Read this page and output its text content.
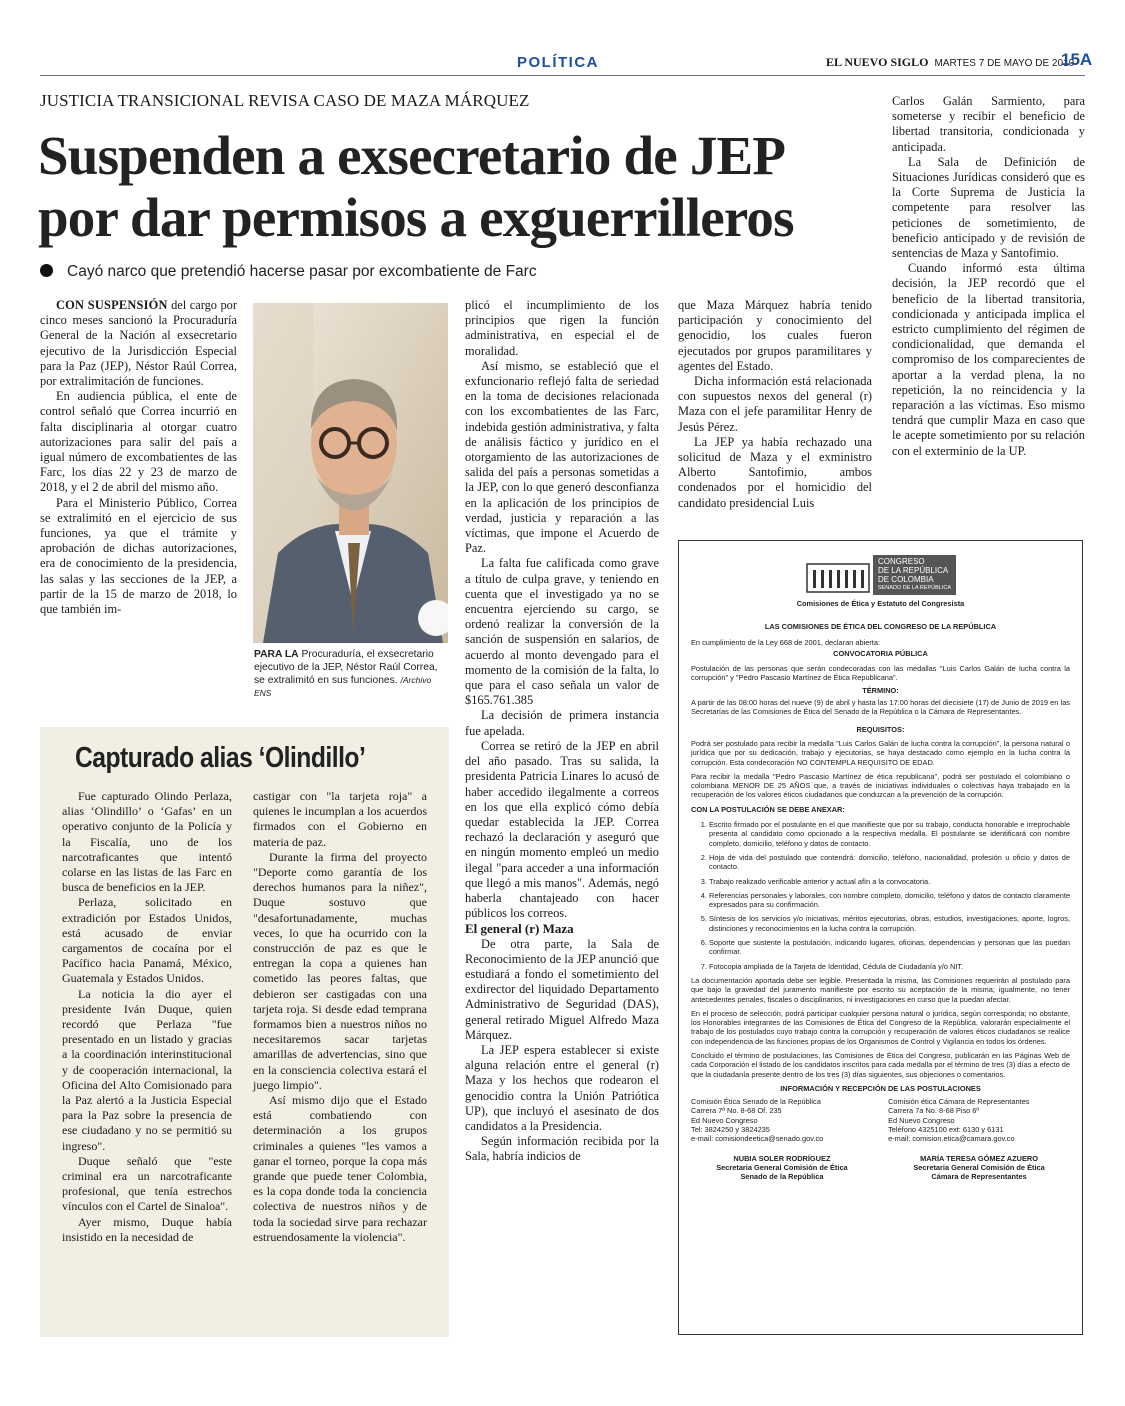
POLÍTICA	EL NUEVO SIGLO MARTES 7 DE MAYO DE 2019
15A
JUSTICIA TRANSICIONAL REVISA CASO DE MAZA MÁRQUEZ
Suspenden a exsecretario de JEP
por dar permisos a exguerrilleros
Cayó narco que pretendió hacerse pasar por excombatiente de Farc

CON SUSPENSIÓN del cargo por cinco meses sancionó la Procuraduría General de la Nación al exsecretario ejecutivo de la Jurisdicción Especial para la Paz (JEP), Néstor Raúl Correa, por extralimitación de funciones.

En audiencia pública, el ente de control señaló que Correa incurrió en falta disciplinaria al otorgar cuatro autorizaciones para salir del país a igual número de excombatientes de las Farc, los días 22 y 23 de marzo de 2018, y el 2 de abril del mismo año.

Para el Ministerio Público, Correa se extralimitó en el ejercicio de sus funciones, ya que el trámite y aprobación de dichas autorizaciones, era de conocimiento de la presidencia, las salas y las secciones de la JEP, a partir de la 15 de marzo de 2018, lo que también im-

PARA LA Procuraduría, el exsecretario ejecutivo de la JEP, Néstor Raúl Correa, se extralimitó en sus funciones. /Archivo ENS

plicó el incumplimiento de los principios que rigen la función administrativa, en especial el de moralidad.

Así mismo, se estableció que el exfuncionario reflejó falta de seriedad en la toma de decisiones relacionada con los excombatientes de las Farc, indebida gestión administrativa, y falta de análisis fáctico y jurídico en el otorgamiento de las autorizaciones de salida del país a personas sometidas a la JEP, con lo que generó desconfianza en la aplicación de los principios de verdad, justicia y reparación a las víctimas, que impone el Acuerdo de Paz.

La falta fue calificada como grave a título de culpa grave, y teniendo en cuenta que el investigado ya no se encuentra ejerciendo su cargo, se ordenó realizar la conversión de la sanción de suspensión en salarios, de acuerdo al monto devengado para el momento de la comisión de la falta, lo que para el caso señala un valor de $165.761.385

La decisión de primera instancia fue apelada.

Correa se retiró de la JEP en abril del año pasado. Tras su salida, la presidenta Patricia Linares lo acusó de haber accedido ilegalmente a correos en los que ella explicó cómo debía quedar establecida la JEP. Correa rechazó la declaración y aseguró que en ningún momento empleó un medio ilegal "para acceder a una información que llegó a mis manos". Además, negó haberla chantajeado con hacer públicos los correos.

El general (r) Maza

De otra parte, la Sala de Reconocimiento de la JEP anunció que estudiará a fondo el sometimiento del exdirector del liquidado Departamento Administrativo de Seguridad (DAS), general retirado Miguel Alfredo Maza Márquez.

La JEP espera establecer si existe alguna relación entre el general (r) Maza y los hechos que rodearon el genocidio contra la Unión Patriótica UP), que incluyó el asesinato de dos candidatos a la Presidencia.

Según información recibida por la Sala, habría indicios de

que Maza Márquez habría tenido participación y conocimiento del genocidio, los cuales fueron ejecutados por grupos paramilitares y agentes del Estado.

Dicha información está relacionada con supuestos nexos del general (r) Maza con el jefe paramilitar Henry de Jesús Pérez.

La JEP ya había rechazado una solicitud de Maza y el exministro Alberto Santofimio, ambos condenados por el homicidio del candidato presidencial Luis

Carlos Galán Sarmiento, para someterse y recibir el beneficio de libertad transitoria, condicionada y anticipada.

La Sala de Definición de Situaciones Jurídicas consideró que es la Corte Suprema de Justicia la competente para resolver las peticiones de sometimiento, de beneficio anticipado y de revisión de sentencias de Maza y Santofimio.

Cuando informó esta última decisión, la JEP recordó que el beneficio de la libertad transitoria, condicionada y anticipada implica el estricto cumplimiento del régimen de condicionalidad, que demanda el compromiso de los comparecientes de aportar a la verdad plena, la no repetición, la no reincidencia y la reparación a las víctimas. Eso mismo tendrá que cumplir Maza en caso que le acepte sometimiento por su relación con el exterminio de la UP.

Capturado alias ‘Olindillo’

Fue capturado Olindo Perlaza, alias ‘Olindillo’ o ‘Gafas’ en un operativo conjunto de la Policía y la Fiscalía, uno de los narcotraficantes que intentó colarse en las listas de las Farc en busca de beneficios en la JEP.

Perlaza, solicitado en extradición por Estados Unidos, está acusado de enviar cargamentos de cocaína por el Pacífico hacia Panamá, México, Guatemala y Estados Unidos.

La noticia la dio ayer el presidente Iván Duque, quien recordó que Perlaza "fue presentado en un listado y gracias a la coordinación interinstitucional y de cooperación internacional, la Oficina del Alto Comisionado para la Paz alertó a la Justicia Especial para la Paz sobre la presencia de ese ciudadano y no se permitió su ingreso".

Duque señaló que "este criminal era un narcotraficante profesional, que tenía estrechos vínculos con el Cartel de Sinaloa".

Ayer mismo, Duque había insistido en la necesidad de

castigar con "la tarjeta roja" a quienes le incumplan a los acuerdos firmados con el Gobierno en materia de paz.

Durante la firma del proyecto "Deporte como garantía de los derechos humanos para la niñez", Duque sostuvo que "desafortunadamente, muchas veces, lo que ha ocurrido con la construcción de paz es que le entregan la copa a quienes han cometido las peores faltas, que debieron ser castigadas con una tarjeta roja. Si desde edad temprana formamos bien a nuestros niños no necesitaremos sacar tarjetas amarillas de advertencias, sino que en la consciencia colectiva estará el juego limpio".

Así mismo dijo que el Estado está combatiendo con determinación a los grupos criminales a quienes "les vamos a ganar el torneo, porque la copa más grande que puede tener Colombia, es la copa donde toda la conciencia colectiva de nuestros niños y de toda la sociedad sirve para rechazar estruendosamente la violencia".

CONGRESO
DE LA REPÚBLICA
DE COLOMBIA
SENADO DE LA REPÚBLICA

Comisiones de Ética y Estatuto del Congresista

LAS COMISIONES DE ÉTICA DEL CONGRESO DE LA REPÚBLICA

En cumplimiento de la Ley 668 de 2001, declaran abierta:

CONVOCATORIA PÚBLICA

Postulación de las personas que serán condecoradas con las medallas "Luis Carlos Galán de lucha contra la corrupción" y "Pedro Pascasio Martínez de Ética Republicana".

TÉRMINO:

A partir de las 08:00 horas del nueve (9) de abril y hasta las 17:00 horas del diecisiete (17) de Junio de 2019 en las Secretarías de las Comisiones de Ética del Senado de la República o la Cámara de Representantes.

REQUISITOS:

Podrá ser postulado para recibir la medalla "Luis Carlos Galán de lucha contra la corrupción", la persona natural o jurídica que por su dedicación, trabajo y ejecutorias, se haya destacado como ejemplo en la lucha contra la corrupción. Esta condecoración NO CONTEMPLA REQUISITO DE EDAD.

Para recibir la medalla "Pedro Pascasio Martínez de ética republicana", podrá ser postulado el colombiano o colombiana MENOR DE 25 AÑOS que, a través de iniciativas individuales o colectivas haya trabajado en la recuperación de los valores éticos ciudadanos que conduzcan a la prevención de la corrupción.

CON LA POSTULACIÓN SE DEBE ANEXAR:

1. Escrito firmado por el postulante en el que manifieste que por su trabajo, conducta honorable e irreprochable presenta al candidato como opcionado a la respectiva medalla. El postulante se identificará con nombre completo, domicilio, teléfono y datos de contacto.
2. Hoja de vida del postulado que contendrá: domicilio, teléfono, nacionalidad, profesión u oficio y datos de contacto.
3. Trabajo realizado verificable anterior y actual afín a la convocatoria.
4. Referencias personales y laborales, con nombre completo, domicilio, teléfono y datos de contacto claramente expresados para su confirmación.
5. Síntesis de los servicios y/o iniciativas, méritos ejecutorias, obras, estudios, investigaciones, aporte, logros, distinciones y reconocimientos en la lucha contra la corrupción.
6. Soporte que sustente la postulación, indicando lugares, oficinas, dependencias y personas que las puedan confirmar.
7. Fotocopia ampliada de la Tarjeta de Identidad, Cédula de Ciudadanía y/o NIT.

La documentación aportada debe ser legible. Presentada la misma, las Comisiones requerirán al postulado para que bajo la gravedad del juramento manifieste por escrito su aceptación de la misma; igualmente, no tener antecedentes penales, fiscales o disciplinarios, ni investigaciones en curso que la puedan afectar.

En el proceso de selección, podrá participar cualquier persona natural o jurídica, según corresponda; no obstante, los Honorables integrantes de las Comisiones de Ética del Congreso de la República, valorarán especialmente el trabajo de los postulados cuyo trabajo contra la corrupción y recuperación de valores éticos ciudadanos se realice con independencia de las funciones propias de los Organismos de Control y Vigilancia en todos los órdenes.

Concluido el término de postulaciones, las Comisiones de Ética del Congreso, publicarán en las Páginas Web de cada Corporación el listado de los candidatos inscritos para cada medalla por el término de tres (3) días a efecto de que la ciudadanía presente dentro de los tres (3) días siguientes, sus objeciones o comentarios.

INFORMACIÓN Y RECEPCIÓN DE LAS POSTULACIONES

Comisión Ética Senado de la República
Carrera 7ª No. 8-68 Of. 235
Ed Nuevo Congreso
Tel: 3824250 y 3824235
e-mail: comisiondeetica@senado.gov.co
Comisión ética Cámara de Representantes
Carrera 7a No. 8-68 Piso 6º
Ed Nuevo Congreso
Teléfono 4325100 ext: 6130 y 6131
e-mail: comision.etica@camara.gov.co
NUBIA SOLER RODRÍGUEZ
Secretaria General Comisión de Ética
Senado de la República
MARÍA TERESA GÓMEZ AZUERO
Secretaria General Comisión de Ética
Cámara de Representantes
